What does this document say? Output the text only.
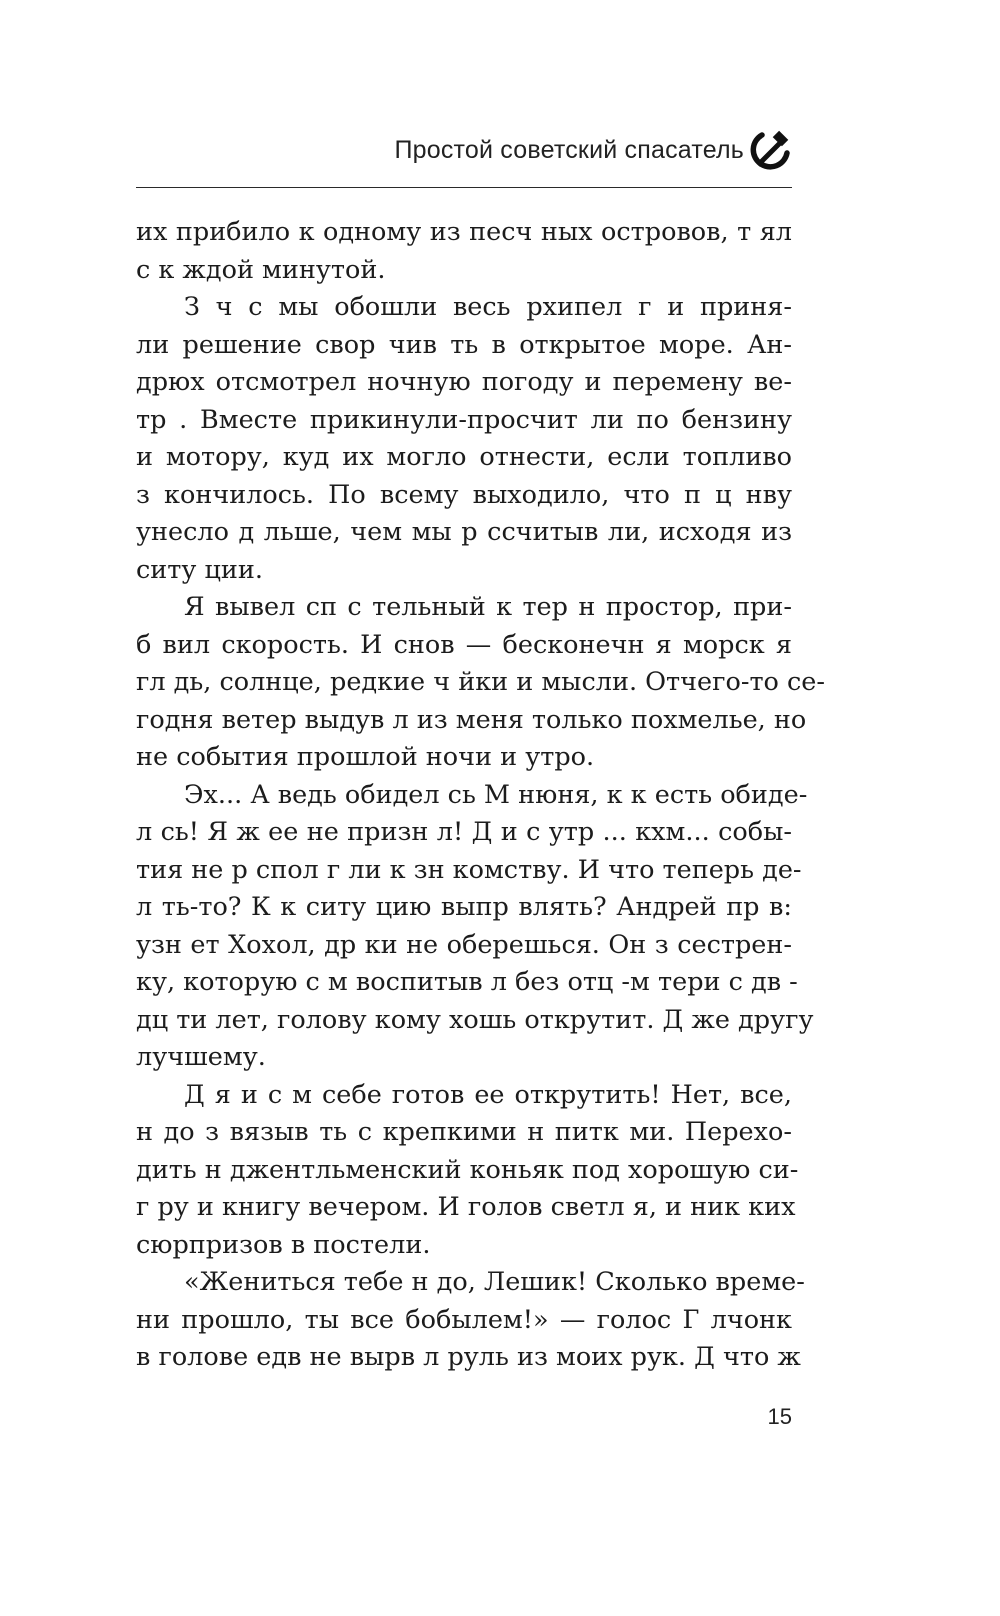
Простой советский спасатель
их прибило к одному из песч ных островов, т ял
с к ждой минутой.
З ч с мы обошли весь рхипел г и приня-
ли решение свор чив ть в открытое море. Ан-
дрюх отсмотрел ночную погоду и перемену ве-
тр . Вместе прикинули-просчит ли по бензину
и мотору, куд их могло отнести, если топливо
з кончилось. По всему выходило, что п ц нву
унесло д льше, чем мы р ссчитыв ли, исходя из
ситу ции.
Я вывел сп с тельный к тер н простор, при-
б вил скорость. И снов — бесконечн я морск я
гл дь, солнце, редкие ч йки и мысли. Отчего-то се-
годня ветер выдув л из меня только похмелье, но
не события прошлой ночи и утро.
Эх... А ведь обидел сь М нюня, к к есть обиде-
л сь! Я ж ее не призн л! Д и с утр ... кхм... собы-
тия не р спол г ли к зн комству. И что теперь де-
л ть-то? К к ситу цию выпр влять? Андрей пр в:
узн ет Хохол, др ки не оберешься. Он з сестрен-
ку, которую с м воспитыв л без отц -м тери с дв -
дц ти лет, голову кому хошь открутит. Д же другу
лучшему.
Д я и с м себе готов ее открутить! Нет, все,
н до з вязыв ть с крепкими н питк ми. Перехо-
дить н джентльменский коньяк под хорошую си-
г ру и книгу вечером. И голов светл я, и ник ких
сюрпризов в постели.
«Жениться тебе н до, Лешик! Сколько време-
ни прошло, ты все бобылем!» — голос Г лчонк
в голове едв не вырв л руль из моих рук. Д что ж
15
